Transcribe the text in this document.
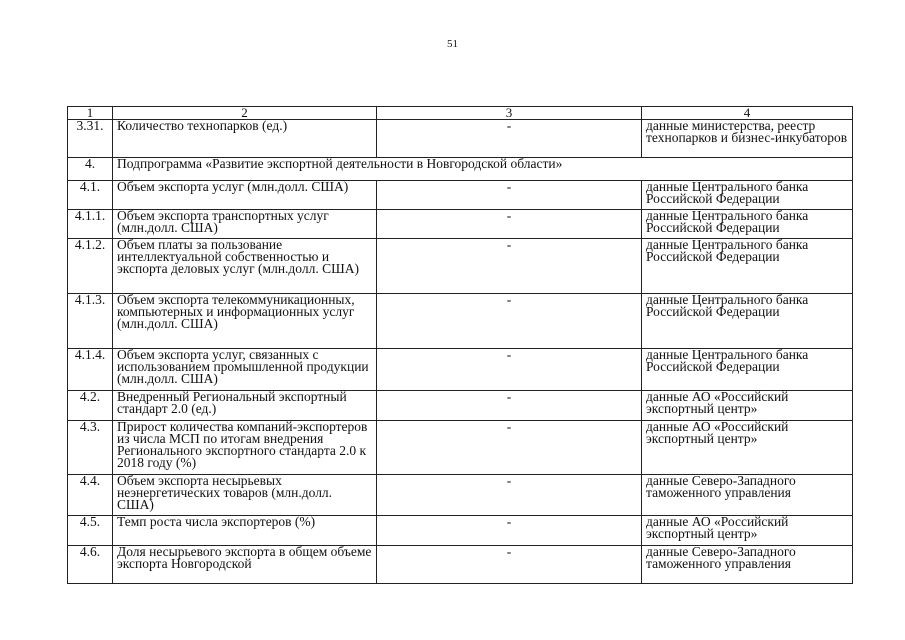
51
1	2	3	4
3.31.	Количество технопарков (ед.)	-	данные министерства, реестр технопарков и бизнес-инкубаторов
4.	Подпрограмма «Развитие экспортной деятельности в Новгородской области»		
4.1.	Объем экспорта услуг (млн.долл. США)	-	данные Центрального банка Российской Федерации
4.1.1.	Объем экспорта транспортных услуг (млн.долл. США)	-	данные Центрального банка Российской Федерации
4.1.2.	Объем платы за пользование интеллектуальной собственностью и экспорта деловых услуг (млн.долл. США)	-	данные Центрального банка Российской Федерации
4.1.3.	Объем экспорта телекоммуникационных, компьютерных и информационных услуг (млн.долл. США)	-	данные Центрального банка Российской Федерации
4.1.4.	Объем экспорта услуг, связанных с использованием промышленной продукции (млн.долл. США)	-	данные Центрального банка Российской Федерации
4.2.	Внедренный Региональный экспортный стандарт 2.0 (ед.)	-	данные АО «Российский экспортный центр»
4.3.	Прирост количества компаний-экспортеров из числа МСП по итогам внедрения Регионального экспортного стандарта 2.0 к 2018 году (%)	-	данные АО «Российский экспортный центр»
4.4.	Объем экспорта несырьевых неэнергетических товаров (млн.долл. США)	-	данные Северо-Западного таможенного управления
4.5.	Темп роста числа экспортеров (%)	-	данные АО «Российский экспортный центр»
4.6.	Доля несырьевого экспорта в общем объеме экспорта Новгородской	-	данные Северо-Западного таможенного управления
